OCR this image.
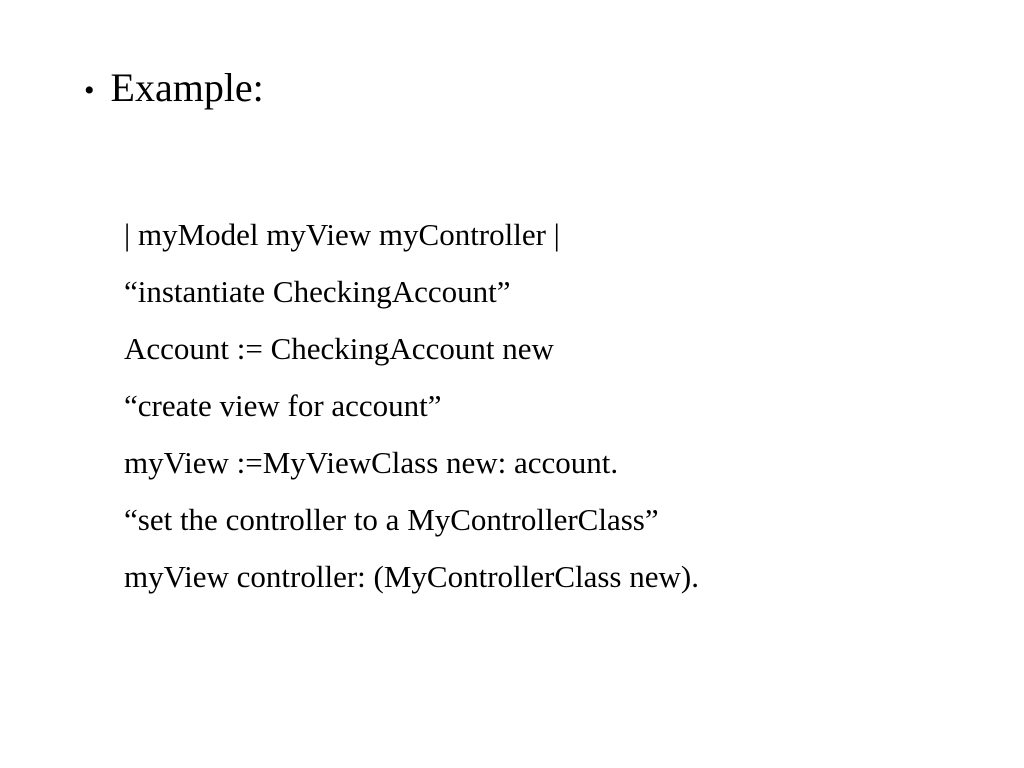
• Example:
| myModel myView myController |
“instantiate CheckingAccount”
Account := CheckingAccount new
“create view for account”
myView :=MyViewClass new: account.
“set the controller to a MyControllerClass”
myView controller: (MyControllerClass new).
